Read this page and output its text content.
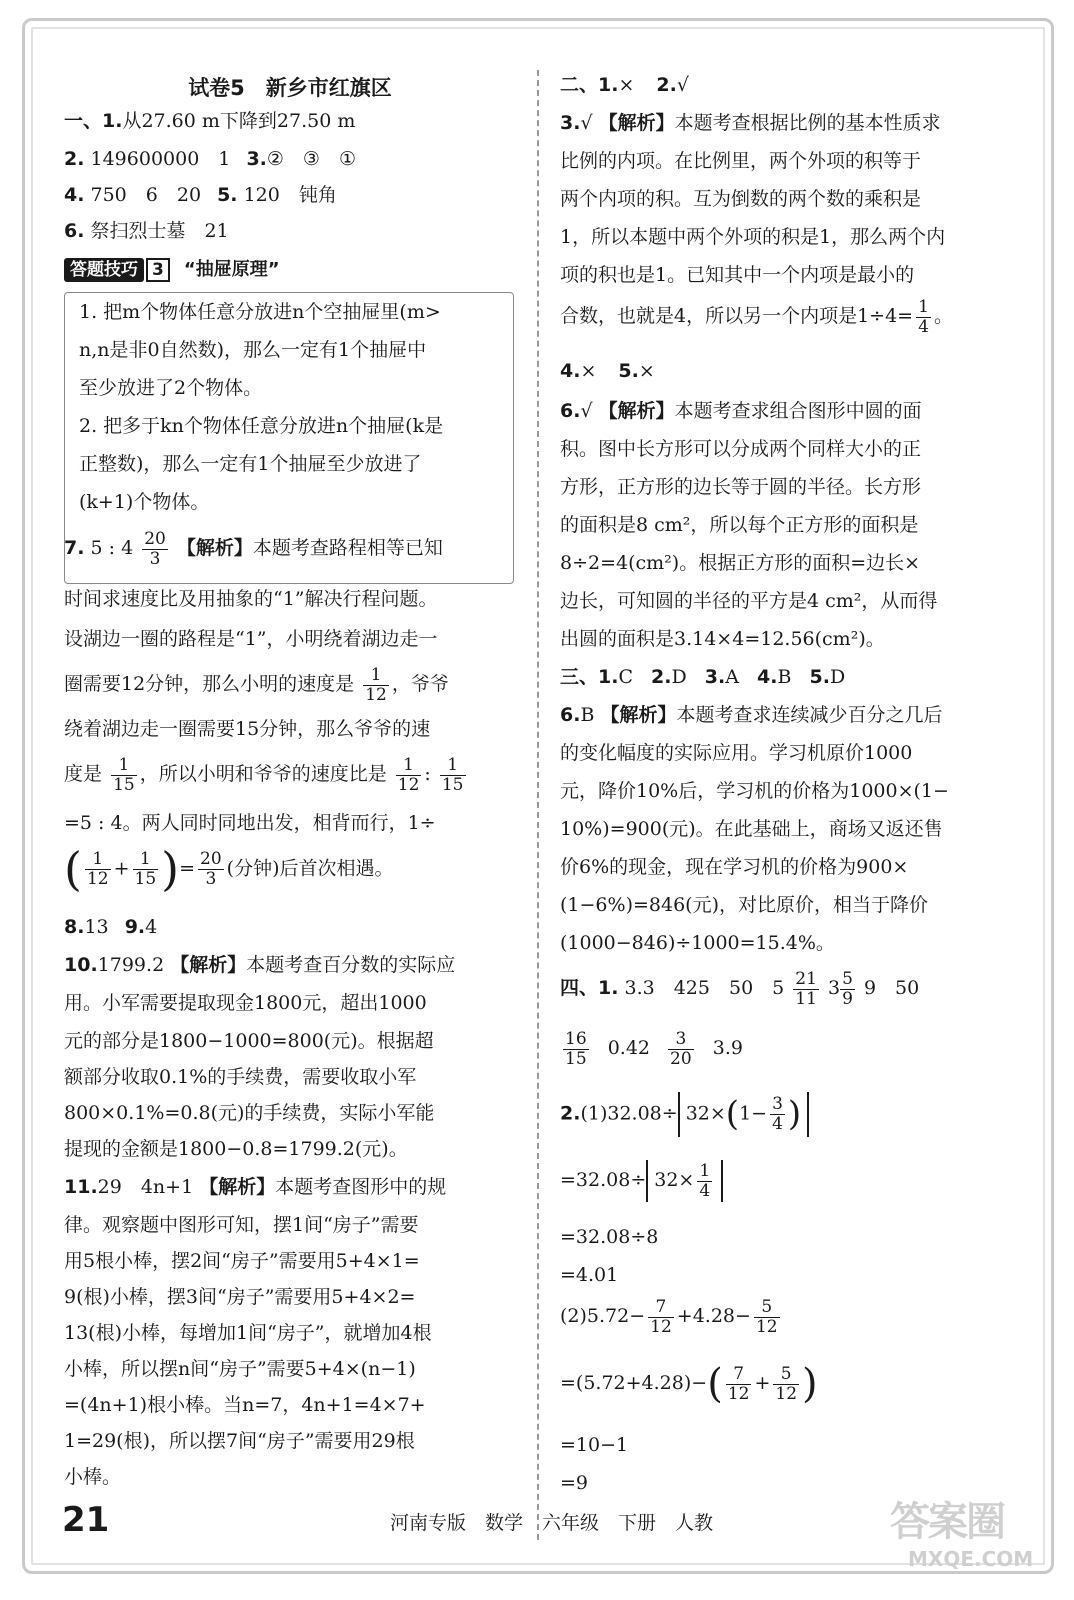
试卷5　新乡市红旗区
一、1.从27.60 m下降到27.50 m
2. 149600000　1 3.②　③　①
4. 750　6　20 5. 120　钝角
6. 祭扫烈士墓　21
答题技巧 3 “抽屉原理”
1. 把m个物体任意分放进n个空抽屉里(m>
n,n是非0自然数)，那么一定有1个抽屉中
至少放进了2个物体。
2. 把多于kn个物体任意分放进n个抽屉(k是
正整数)，那么一定有1个抽屉至少放进了
(k+1)个物体。
7. 5 : $4 \frac{20}{3}$ 【解析】本题考查路程相等已知
时间求速度比及用抽象的“1”解决行程问题。
设湖边一圈的路程是“1”，小明绕着湖边走一
圈需要12分钟，那么小明的速度是 $\frac{1}{12}$ ，爷爷
绕着湖边走一圈需要15分钟，那么爷爷的速
度是 $\frac{1}{15}$ ，所以小明和爷爷的速度比是 $\frac{1}{12}$ : $\frac{1}{15}$
=5 : 4。两人同时同地出发，相背而行，1÷
( $\frac{1}{12} + \frac{1}{15}$ )= $\frac{20}{3}$ (分钟)后首次相遇。
8.13 9.4
10.1799.2 【解析】本题考查百分数的实际应
用。小军需要提取现金1800元，超出1000
元的部分是1800−1000=800(元)。根据超
额部分收取0.1%的手续费，需要收取小军
800×0.1%=0.8(元)的手续费，实际小军能
提现的金额是1800−0.8=1799.2(元)。
11.29　4n+1 【解析】本题考查图形中的规
律。观察题中图形可知，摆1间“房子”需要
用5根小棒，摆2间“房子”需要用5+4×1=
9(根)小棒，摆3间“房子”需要用5+4×2=
13(根)小棒，每增加1间“房子”，就增加4根
小棒，所以摆n间“房子”需要5+4×(n−1)
=(4n+1)根小棒。当n=7，4n+1=4×7+
1=29(根)，所以摆7间“房子”需要用29根
小棒。
二、1.× 2.√
3.√ 【解析】本题考查根据比例的基本性质求
比例的内项。在比例里，两个外项的积等于
两个内项的积。互为倒数的两个数的乘积是
1，所以本题中两个外项的积是1，那么两个内
项的积也是1。已知其中一个内项是最小的
合数，也就是4，所以另一个内项是$1\div 4= \frac{1}{4}$ 。
4.× 5.×
6.√ 【解析】本题考查求组合图形中圆的面
积。图中长方形可以分成两个同样大小的正
方形，正方形的边长等于圆的半径。长方形
的面积是8 cm²，所以每个正方形的面积是
8÷2=4(cm²)。根据正方形的面积=边长×
边长，可知圆的半径的平方是4 cm²，从而得
出圆的面积是3.14×4=12.56(cm²)。
三、1.C 2.D 3.A 4.B 5.D
6.B 【解析】本题考查求连续减少百分之几后
的变化幅度的实际应用。学习机原价1000
元，降价10%后，学习机的价格为1000×(1−
10%)=900(元)。在此基础上，商场又返还售
价6%的现金，现在学习机的价格为900×
(1−6%)=846(元)，对比原价，相当于降价
(1000−846)÷1000=15.4%。
四、1. 3.3　425　50　$5 \frac{21}{11} 3 \frac{5}{9} 9$　50
$\frac{16}{15} 0.42 \frac{3}{20} 3.9$
$2.(1)32.08\div 32\times(1- \frac{3}{4}$ )
$=32.08\div 32\times \frac{1}{4}$
=32.08÷8
=4.01
$(2)5.72- \frac{7}{12} +4.28- \frac{5}{12}$
$=(5.72+4.28)-( \frac{7}{12} + \frac{5}{12}$ )
=10−1
=9
21	河南专版　数学　六年级　下册　人教	答案圈
MXQE.COM
